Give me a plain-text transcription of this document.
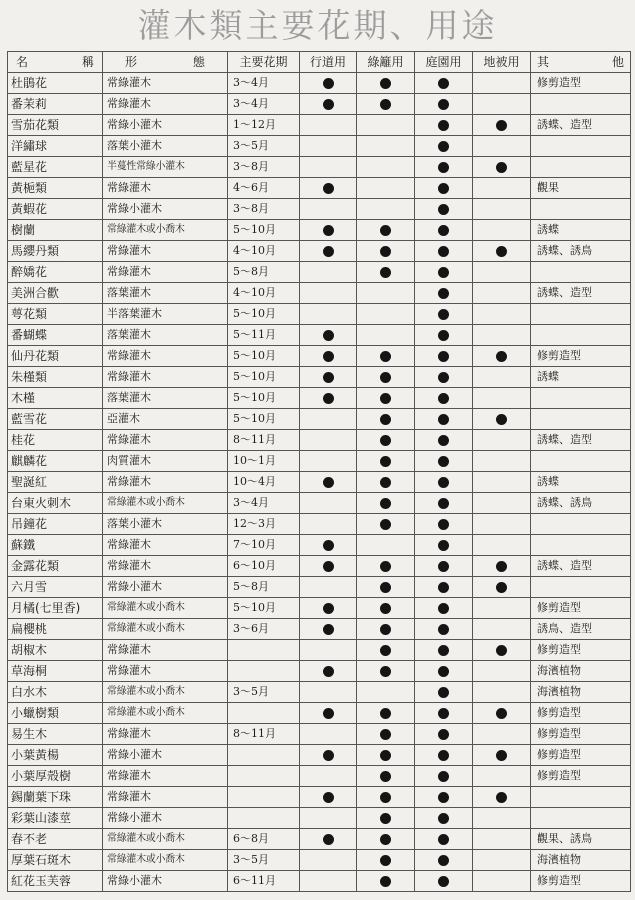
灌木類主要花期、用途
名 稱	形 態	主要花期	行道用	綠籬用	庭園用	地被用	其 他

杜鵑花	常綠灌木	3～4月					修剪造型
番茉莉	常綠灌木	3～4月					
雪茄花類	常綠小灌木	1～12月					誘蝶、造型
洋繡球	落葉小灌木	3～5月					
藍星花	半蔓性常綠小灌木	3～8月					
黃梔類	常綠灌木	4～6月					觀果
黃蝦花	常綠小灌木	3～8月					
樹蘭	常綠灌木或小喬木	5～10月					誘蝶
馬纓丹類	常綠灌木	4～10月					誘蝶、誘鳥
醉嬌花	常綠灌木	5～8月					
美洲合歡	落葉灌木	4～10月					誘蝶、造型
萼花類	半落葉灌木	5～10月					
番蝴蝶	落葉灌木	5～11月					
仙丹花類	常綠灌木	5～10月					修剪造型
朱槿類	常綠灌木	5～10月					誘蝶
木槿	落葉灌木	5～10月					
藍雪花	亞灌木	5～10月					
桂花	常綠灌木	8～11月					誘蝶、造型
麒麟花	肉質灌木	10～1月					
聖誕紅	常綠灌木	10～4月					誘蝶
台東火刺木	常綠灌木或小喬木	3～4月					誘蝶、誘鳥
吊鐘花	落葉小灌木	12～3月					
蘇鐵	常綠灌木	7～10月					
金露花類	常綠灌木	6～10月					誘蝶、造型
六月雪	常綠小灌木	5～8月					
月橘(七里香)	常綠灌木或小喬木	5～10月					修剪造型
扁櫻桃	常綠灌木或小喬木	3～6月					誘鳥、造型
胡椒木	常綠灌木						修剪造型
草海桐	常綠灌木						海濱植物
白水木	常綠灌木或小喬木	3～5月					海濱植物
小蠟樹類	常綠灌木或小喬木						修剪造型
易生木	常綠灌木	8～11月					修剪造型
小葉黃楊	常綠小灌木						修剪造型
小葉厚殼樹	常綠灌木						修剪造型
錫蘭葉下珠	常綠灌木						
彩葉山漆莖	常綠小灌木						
春不老	常綠灌木或小喬木	6～8月					觀果、誘鳥
厚葉石斑木	常綠灌木或小喬木	3～5月					海濱植物
紅花玉芙蓉	常綠小灌木	6～11月					修剪造型
